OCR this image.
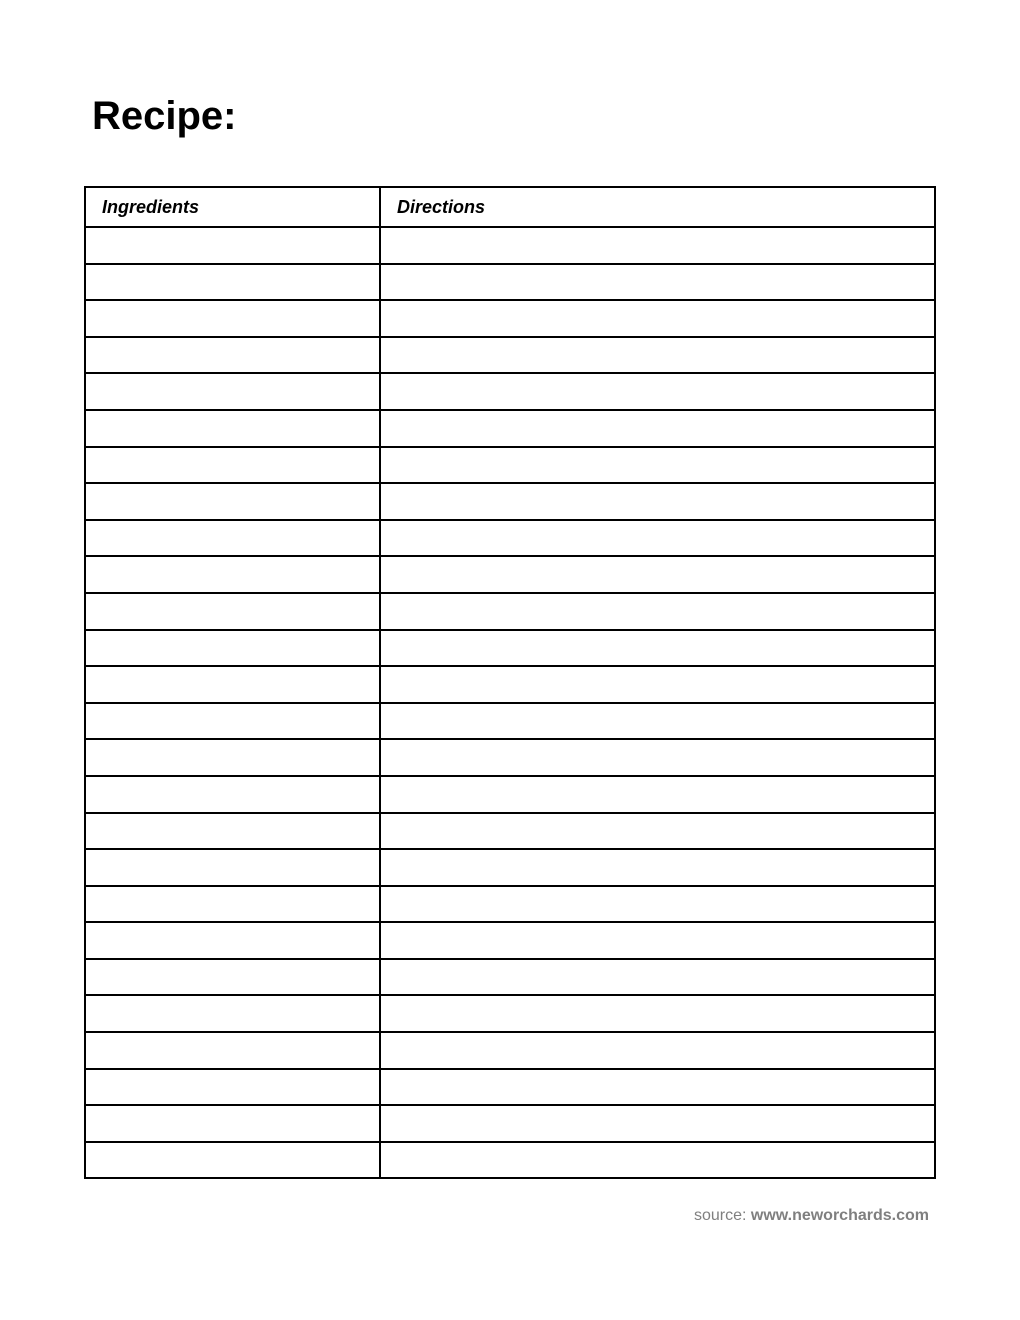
Recipe:
Ingredients	Directions

source: www.neworchards.com
